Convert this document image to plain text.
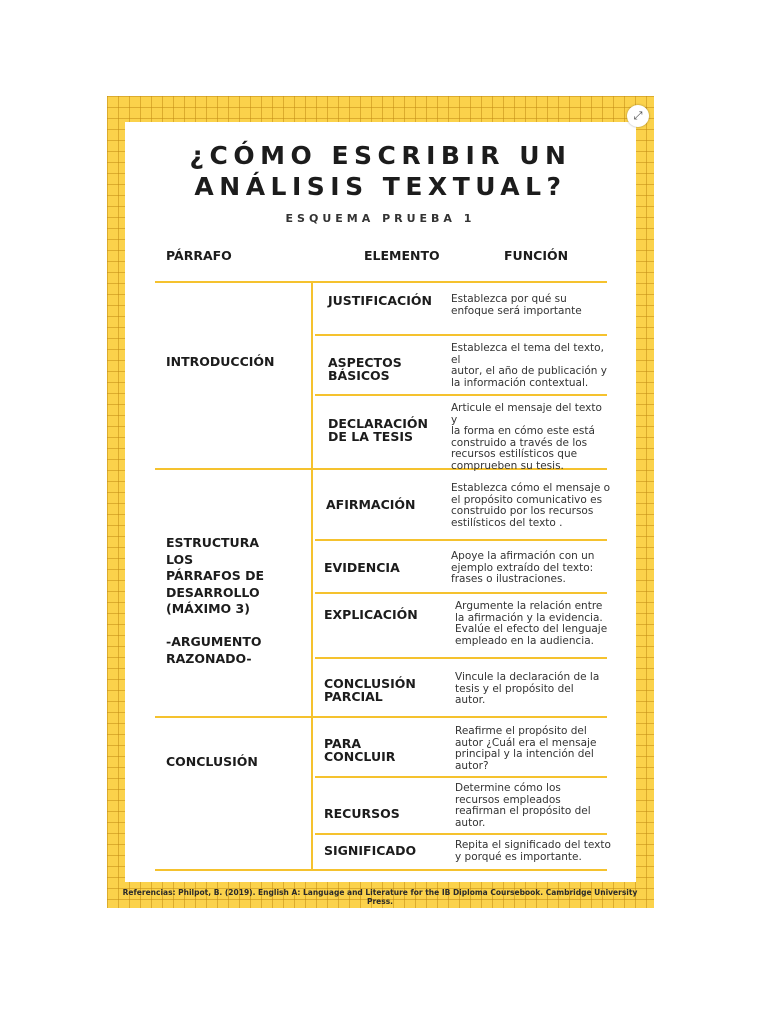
⤢
¿CÓMO ESCRIBIR UN
ANÁLISIS TEXTUAL?
ESQUEMA PRUEBA 1
PÁRRAFO	ELEMENTO	FUNCIÓN
INTRODUCCIÓN
ESTRUCTURA
LOS
PÁRRAFOS DE
DESARROLLO
(MÁXIMO 3)
-ARGUMENTO
RAZONADO-
CONCLUSIÓN
JUSTIFICACIÓN
ASPECTOS
BÁSICOS
DECLARACIÓN
DE LA TESIS
AFIRMACIÓN
EVIDENCIA
EXPLICACIÓN
CONCLUSIÓN
PARCIAL
PARA
CONCLUIR
RECURSOS
SIGNIFICADO
Establezca por qué su
enfoque será importante
Establezca el tema del texto, el
autor, el año de publicación y
la información contextual.
Articule el mensaje del texto y
la forma en cómo este está
construido a través de los
recursos estilísticos que
comprueben su tesis.
Establezca cómo el mensaje o
el propósito comunicativo es
construido por los recursos
estilísticos del texto .
Apoye la afirmación con un
ejemplo extraído del texto:
frases o ilustraciones.
Argumente la relación entre
la afirmación y la evidencia.
Evalúe el efecto del lenguaje
empleado en la audiencia.
Vincule la declaración de la
tesis y el propósito del
autor.
Reafirme el propósito del
autor ¿Cuál era el mensaje
principal y la intención del
autor?
Determine cómo los
recursos empleados
reafirman el propósito del
autor.
Repita el significado del texto
y porqué es importante.
Referencias: Philpot, B. (2019). English A: Language and Literature for the IB Diploma Coursebook. Cambridge University Press.
